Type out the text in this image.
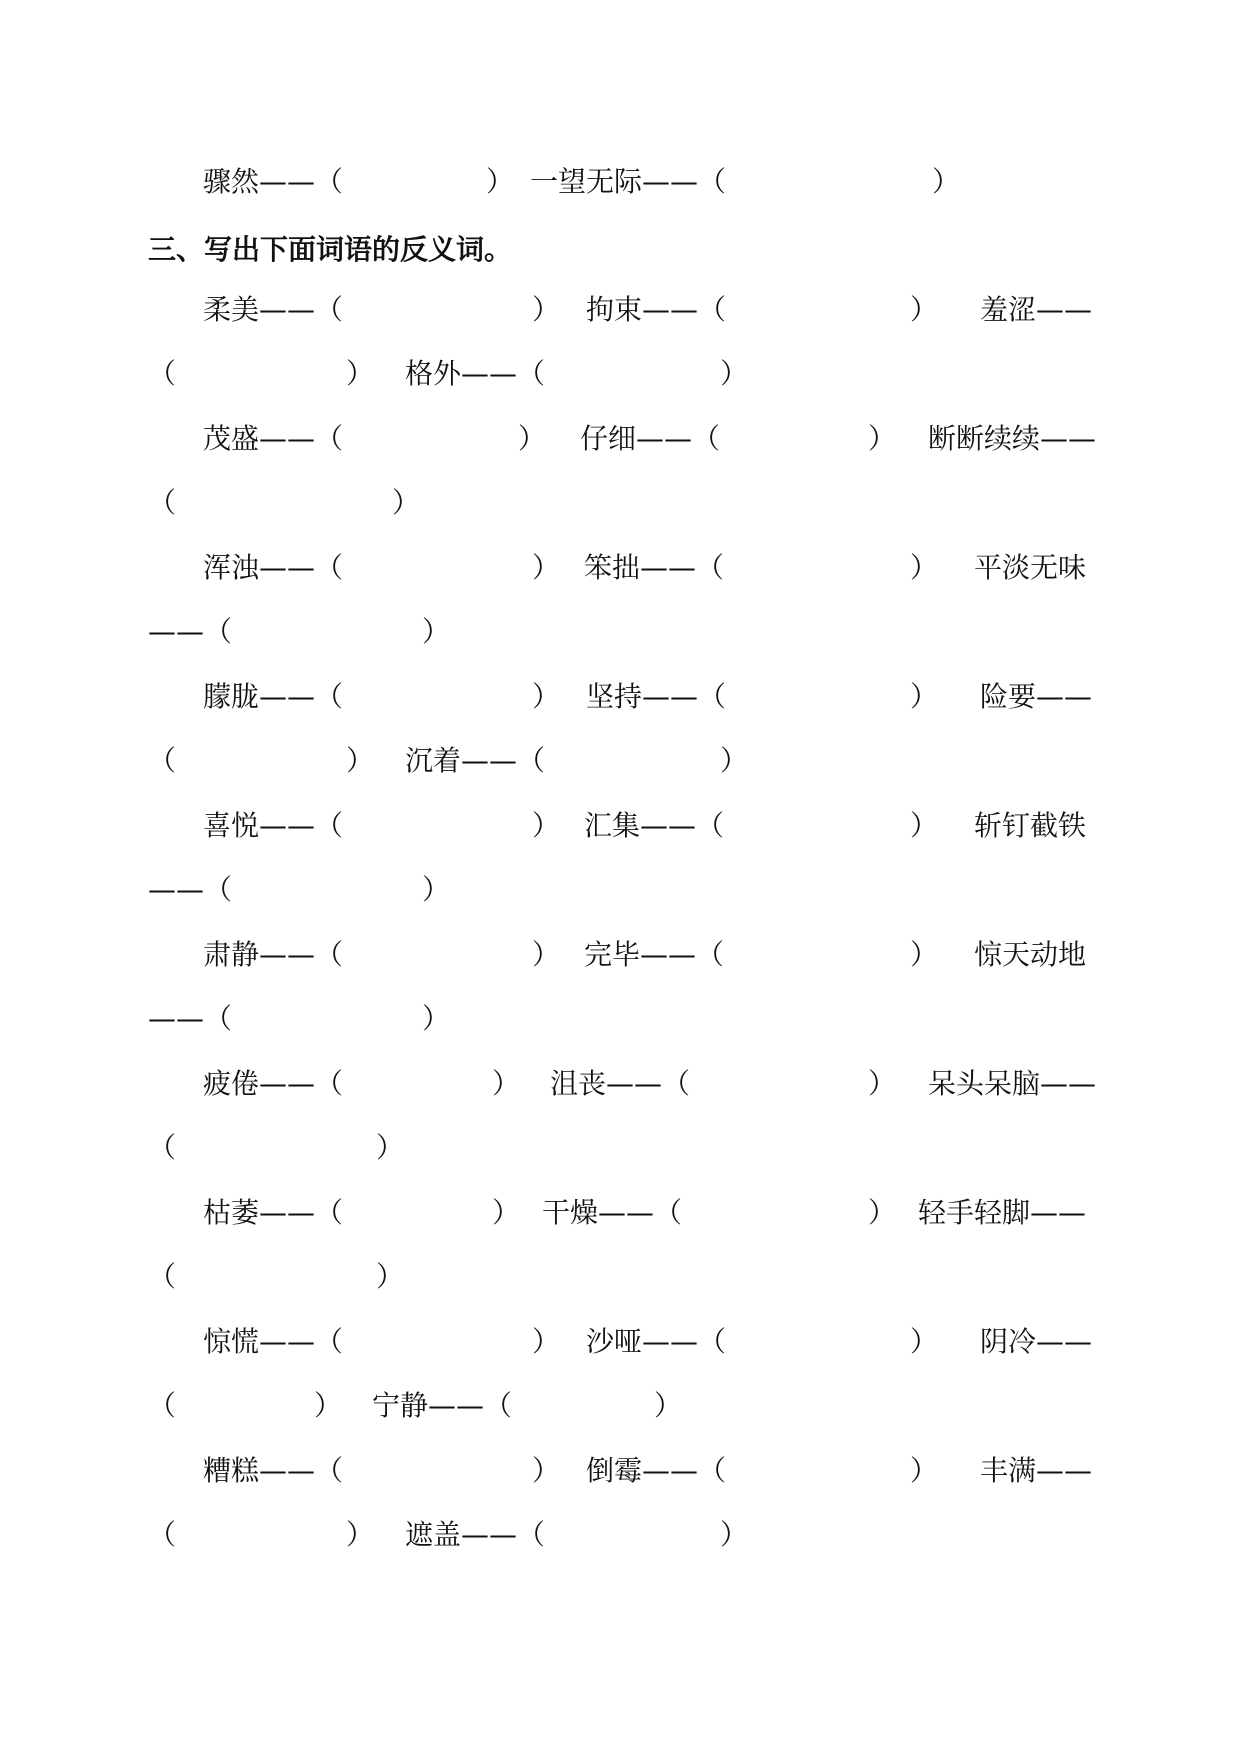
骤然——（	） 一望无际——（	）
三、写出下面词语的反义词。
柔美——（	） 拘束——（	） 羞涩——
（	） 格外——（	）
茂盛——（	） 仔细——（	） 断断续续——
（	）
浑浊——（	） 笨拙——（	） 平淡无味
——（	）
朦胧——（	） 坚持——（	） 险要——
（	） 沉着——（	）
喜悦——（	） 汇集——（	） 斩钉截铁
——（	）
肃静——（	） 完毕——（	） 惊天动地
——（	）
疲倦——（	） 沮丧——（	） 呆头呆脑——
（	）
枯萎——（	） 干燥——（	） 轻手轻脚——
（	）
惊慌——（	） 沙哑——（	） 阴冷——
（	） 宁静——（	）
糟糕——（	） 倒霉——（	） 丰满——
（	） 遮盖——（	）
